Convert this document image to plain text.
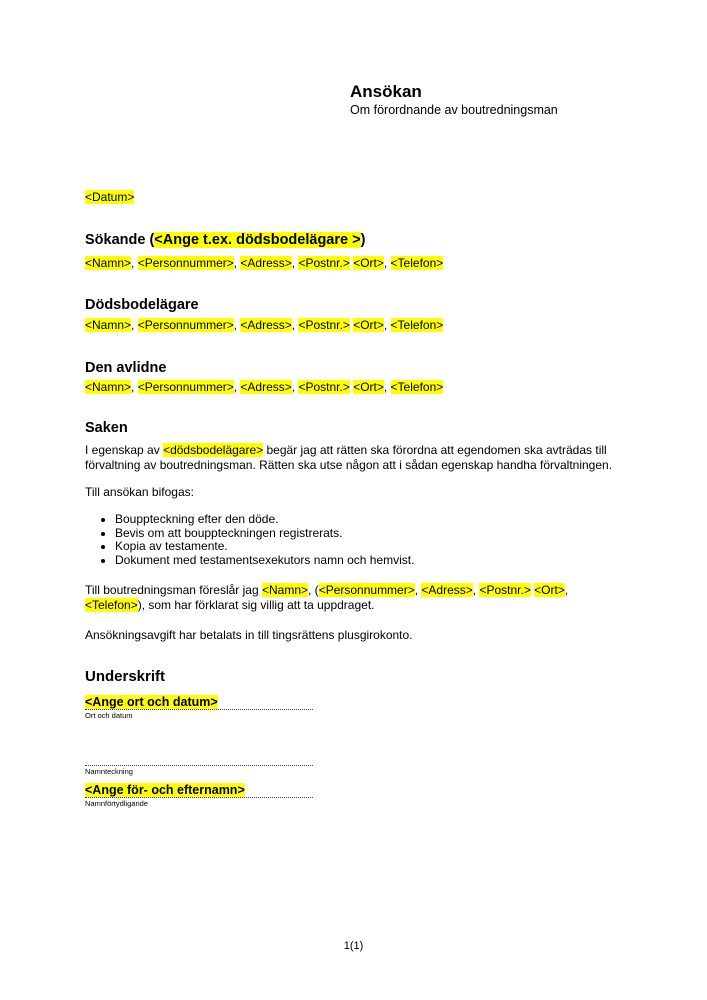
Ansökan
Om förordnande av boutredningsman
<Datum>
Sökande (<Ange t.ex. dödsbodelägare >)
<Namn>, <Personnummer>, <Adress>, <Postnr.> <Ort>, <Telefon>
Dödsbodelägare
<Namn>, <Personnummer>, <Adress>, <Postnr.> <Ort>, <Telefon>
Den avlidne
<Namn>, <Personnummer>, <Adress>, <Postnr.> <Ort>, <Telefon>
Saken
I egenskap av <dödsbodelägare> begär jag att rätten ska förordna att egendomen ska avträdas till förvaltning av boutredningsman. Rätten ska utse någon att i sådan egenskap handha förvaltningen.
Till ansökan bifogas:
• Bouppteckning efter den döde.
• Bevis om att bouppteckningen registrerats.
• Kopia av testamente.
• Dokument med testamentsexekutors namn och hemvist.
Till boutredningsman föreslår jag <Namn>, (<Personnummer>, <Adress>, <Postnr.> <Ort>, <Telefon>), som har förklarat sig villig att ta uppdraget.
Ansökningsavgift har betalats in till tingsrättens plusgirokonto.
Underskrift
<Ange ort och datum>
Ort och datum
Namnteckning
<Ange för- och efternamn>
Namnförtydligande
1(1)
